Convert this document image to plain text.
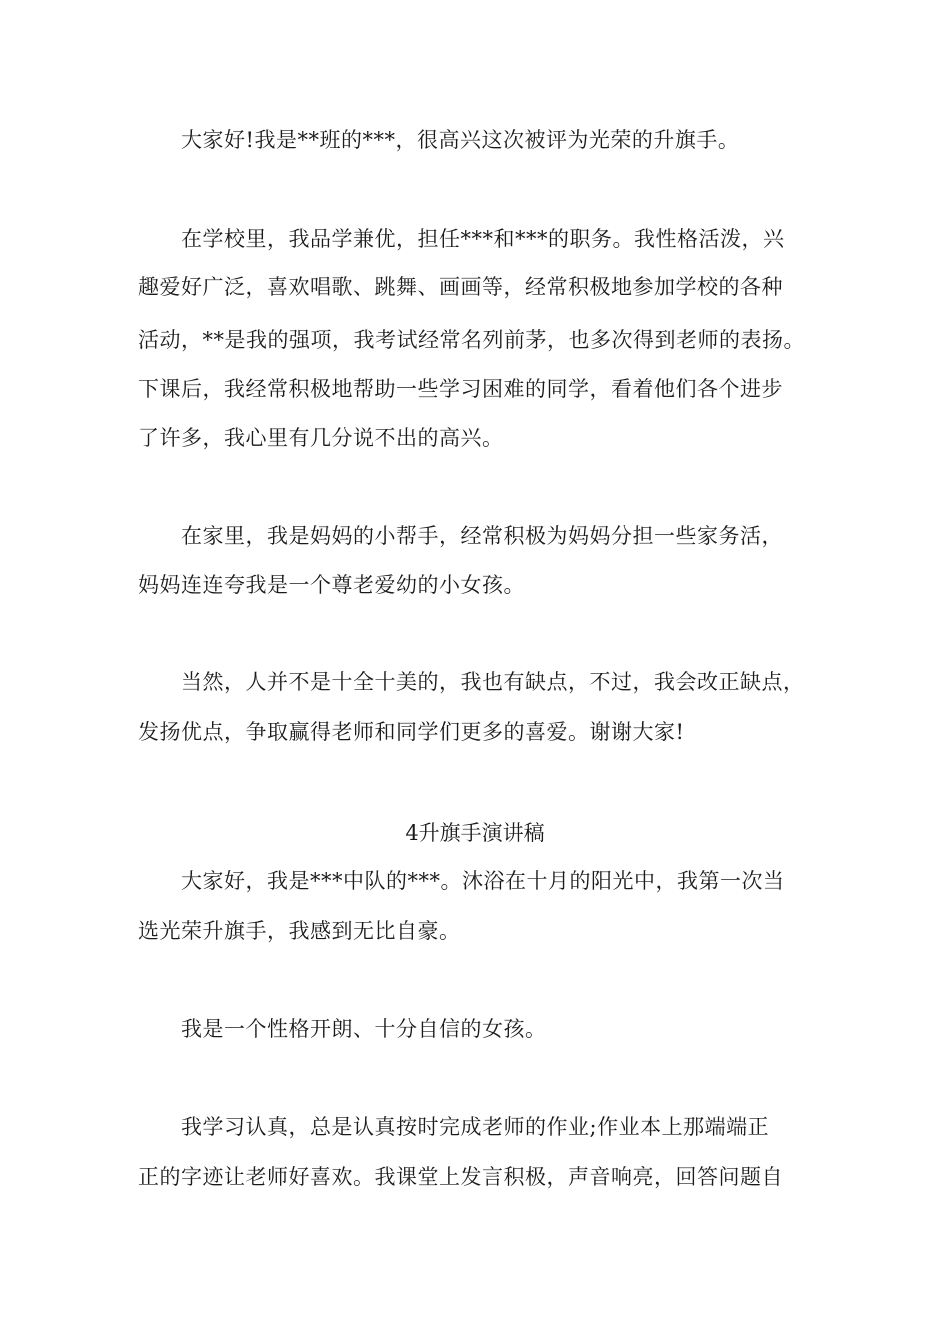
　　大家好!我是**班的***，很高兴这次被评为光荣的升旗手。
　　在学校里，我品学兼优，担任***和***的职务。我性格活泼，兴
趣爱好广泛，喜欢唱歌、跳舞、画画等，经常积极地参加学校的各种
活动，**是我的强项，我考试经常名列前茅，也多次得到老师的表扬。
下课后，我经常积极地帮助一些学习困难的同学，看着他们各个进步
了许多，我心里有几分说不出的高兴。
　　在家里，我是妈妈的小帮手，经常积极为妈妈分担一些家务活，
妈妈连连夸我是一个尊老爱幼的小女孩。
　　当然，人并不是十全十美的，我也有缺点，不过，我会改正缺点，
发扬优点，争取赢得老师和同学们更多的喜爱。谢谢大家!
4升旗手演讲稿
　　大家好，我是***中队的***。沐浴在十月的阳光中，我第一次当
选光荣升旗手，我感到无比自豪。
　　我是一个性格开朗、十分自信的女孩。
　　我学习认真，总是认真按时完成老师的作业;作业本上那端端正
正的字迹让老师好喜欢。我课堂上发言积极，声音响亮，回答问题自
